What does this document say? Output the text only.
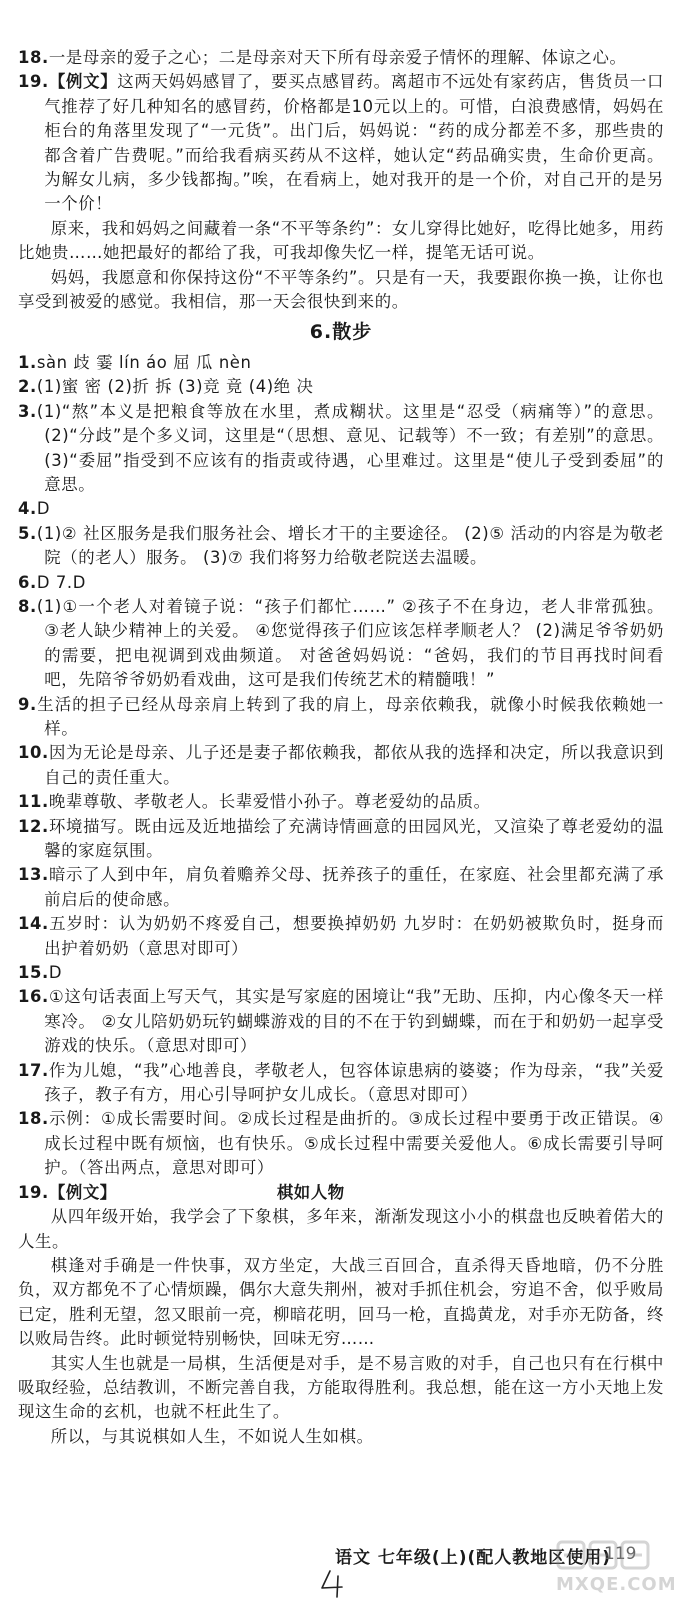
18.一是母亲的爱子之心；二是母亲对天下所有母亲爱子情怀的理解、体谅之心。

19.【例文】这两天妈妈感冒了，要买点感冒药。离超市不远处有家药店，售货员一口气推荐了好几种知名的感冒药，价格都是10元以上的。可惜，白浪费感情，妈妈在柜台的角落里发现了“一元货”。出门后，妈妈说：“药的成分都差不多，那些贵的都含着广告费呢。”而给我看病买药从不这样，她认定“药品确实贵，生命价更高。为解女儿病，多少钱都掏。”唉，在看病上，她对我开的是一个价，对自己开的是另一个价！

原来，我和妈妈之间藏着一条“不平等条约”：女儿穿得比她好，吃得比她多，用药比她贵……她把最好的都给了我，可我却像失忆一样，提笔无话可说。

妈妈，我愿意和你保持这份“不平等条约”。只是有一天，我要跟你换一换，让你也享受到被爱的感觉。我相信，那一天会很快到来的。

6.散步

1.sàn 歧 霎 lín áo 屈 瓜 nèn

2.(1)蜜 密 (2)折 拆 (3)竞 竟 (4)绝 决

3.(1)“熬”本义是把粮食等放在水里，煮成糊状。这里是“忍受（病痛等）”的意思。 (2)“分歧”是个多义词，这里是“（思想、意见、记载等）不一致；有差别”的意思。 (3)“委屈”指受到不应该有的指责或待遇，心里难过。这里是“使儿子受到委屈”的意思。

4.D

5.(1)② 社区服务是我们服务社会、增长才干的主要途径。 (2)⑤ 活动的内容是为敬老院（的老人）服务。 (3)⑦ 我们将努力给敬老院送去温暖。

6.D 7.D

8.(1)①一个老人对着镜子说：“孩子们都忙……” ②孩子不在身边，老人非常孤独。 ③老人缺少精神上的关爱。 ④您觉得孩子们应该怎样孝顺老人？ (2)满足爷爷奶奶的需要，把电视调到戏曲频道。 对爸爸妈妈说：“爸妈，我们的节目再找时间看吧，先陪爷爷奶奶看戏曲，这可是我们传统艺术的精髓哦！”

9.生活的担子已经从母亲肩上转到了我的肩上，母亲依赖我，就像小时候我依赖她一样。

10.因为无论是母亲、儿子还是妻子都依赖我，都依从我的选择和决定，所以我意识到自己的责任重大。

11.晚辈尊敬、孝敬老人。长辈爱惜小孙子。尊老爱幼的品质。

12.环境描写。既由远及近地描绘了充满诗情画意的田园风光，又渲染了尊老爱幼的温馨的家庭氛围。

13.暗示了人到中年，肩负着赡养父母、抚养孩子的重任，在家庭、社会里都充满了承前启后的使命感。

14.五岁时：认为奶奶不疼爱自己，想要换掉奶奶 九岁时：在奶奶被欺负时，挺身而出护着奶奶（意思对即可）

15.D

16.①这句话表面上写天气，其实是写家庭的困境让“我”无助、压抑，内心像冬天一样寒冷。 ②女儿陪奶奶玩钓蝴蝶游戏的目的不在于钓到蝴蝶，而在于和奶奶一起享受游戏的快乐。（意思对即可）

17.作为儿媳，“我”心地善良，孝敬老人，包容体谅患病的婆婆；作为母亲，“我”关爱孩子，教子有方，用心引导呵护女儿成长。（意思对即可）

18.示例：①成长需要时间。②成长过程是曲折的。③成长过程中要勇于改正错误。④成长过程中既有烦恼，也有快乐。⑤成长过程中需要关爱他人。⑥成长需要引导呵护。（答出两点，意思对即可）

19.【例文】	棋如人物

从四年级开始，我学会了下象棋，多年来，渐渐发现这小小的棋盘也反映着偌大的人生。

棋逢对手确是一件快事，双方坐定，大战三百回合，直杀得天昏地暗，仍不分胜负，双方都免不了心情烦躁，偶尔大意失荆州，被对手抓住机会，穷追不舍，似乎败局已定，胜利无望，忽又眼前一亮，柳暗花明，回马一枪，直捣黄龙，对手亦无防备，终以败局告终。此时顿觉特别畅快，回味无穷……

其实人生也就是一局棋，生活便是对手，是不易言败的对手，自己也只有在行棋中吸取经验，总结教训，不断完善自我，方能取得胜利。我总想，能在这一方小天地上发现这生命的玄机，也就不枉此生了。

所以，与其说棋如人生，不如说人生如棋。

语文 七年级(上)(配人教地区使用)
119
MXQE.COM
